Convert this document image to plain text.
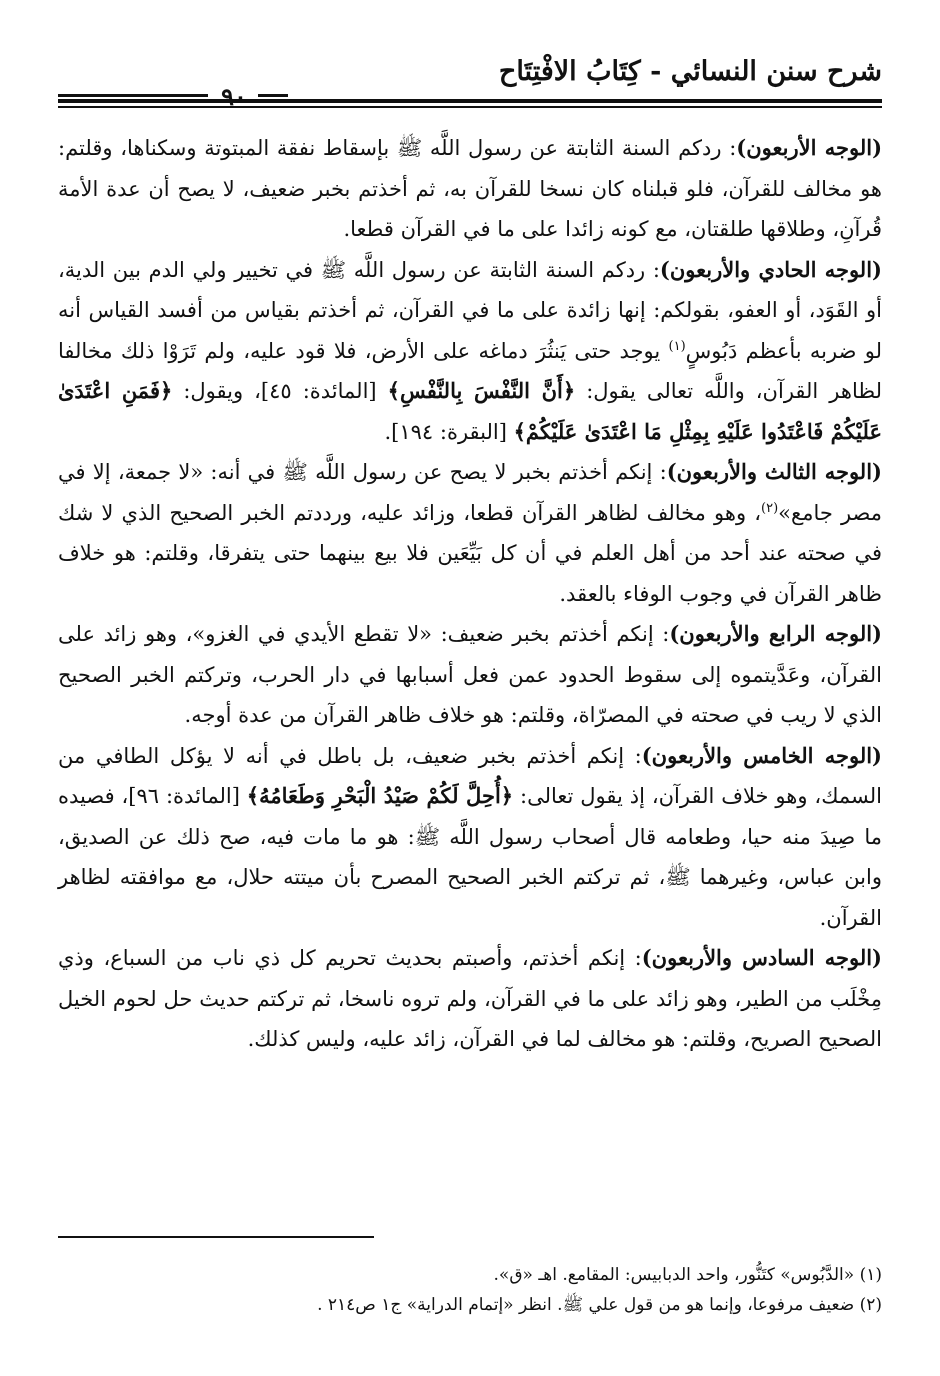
شرح سنن النسائي - كِتَابُ الافْتِتَاح
٩٠

(الوجه الأربعون): ردكم السنة الثابتة عن رسول اللَّه ﷺ بإسقاط نفقة المبتوتة وسكناها، وقلتم: هو مخالف للقرآن، فلو قبلناه كان نسخا للقرآن به، ثم أخذتم بخبر ضعيف، لا يصح أن عدة الأمة قُرآنِ، وطلاقها طلقتان، مع كونه زائدا على ما في القرآن قطعا.

(الوجه الحادي والأربعون): ردكم السنة الثابتة عن رسول اللَّه ﷺ في تخيير ولي الدم بين الدية، أو القَوَد، أو العفو، بقولكم: إنها زائدة على ما في القرآن، ثم أخذتم بقياس من أفسد القياس أنه لو ضربه بأعظم دَبُوسٍ$^{(١)}$ يوجد حتى يَنثُرَ دماغه على الأرض، فلا قود عليه، ولم تَرَوْا ذلك مخالفا لظاهر القرآن، واللَّه تعالى يقول: ﴿أَنَّ النَّفْسَ بِالنَّفْسِ﴾ [المائدة: ٤٥]، ويقول: ﴿فَمَنِ اعْتَدَىٰ عَلَيْكُمْ فَاعْتَدُوا عَلَيْهِ بِمِثْلِ مَا اعْتَدَىٰ عَلَيْكُمْ﴾ [البقرة: ١٩٤].

(الوجه الثالث والأربعون): إنكم أخذتم بخبر لا يصح عن رسول اللَّه ﷺ في أنه: «لا جمعة، إلا في مصر جامع»$^{(٢)}$، وهو مخالف لظاهر القرآن قطعا، وزائد عليه، ورددتم الخبر الصحيح الذي لا شك في صحته عند أحد من أهل العلم في أن كل بَيِّعَين فلا بيع بينهما حتى يتفرقا، وقلتم: هو خلاف ظاهر القرآن في وجوب الوفاء بالعقد.

(الوجه الرابع والأربعون): إنكم أخذتم بخبر ضعيف: «لا تقطع الأيدي في الغزو»، وهو زائد على القرآن، وعَدَّيتموه إلى سقوط الحدود عمن فعل أسبابها في دار الحرب، وتركتم الخبر الصحيح الذي لا ريب في صحته في المصرّاة، وقلتم: هو خلاف ظاهر القرآن من عدة أوجه.

(الوجه الخامس والأربعون): إنكم أخذتم بخبر ضعيف، بل باطل في أنه لا يؤكل الطافي من السمك، وهو خلاف القرآن، إذ يقول تعالى: ﴿أُحِلَّ لَكُمْ صَيْدُ الْبَحْرِ وَطَعَامُهُ﴾ [المائدة: ٩٦]، فصيده ما صِيدَ منه حيا، وطعامه قال أصحاب رسول اللَّه ﷺ: هو ما مات فيه، صح ذلك عن الصديق، وابن عباس، وغيرهما ﷺ، ثم تركتم الخبر الصحيح المصرح بأن ميتته حلال، مع موافقته لظاهر القرآن.

(الوجه السادس والأربعون): إنكم أخذتم، وأصبتم بحديث تحريم كل ذي ناب من السباع، وذي مِخْلَب من الطير، وهو زائد على ما في القرآن، ولم تروه ناسخا، ثم تركتم حديث حل لحوم الخيل الصحيح الصريح، وقلتم: هو مخالف لما في القرآن، زائد عليه، وليس كذلك.

(١) «الدَّبُوس» كتَنُّور، واحد الدبابيس: المقامع. اهـ «ق».

(٢) ضعيف مرفوعا، وإنما هو من قول علي ﷺ. انظر «إتمام الدراية» ج١ ص٢١٤ .
